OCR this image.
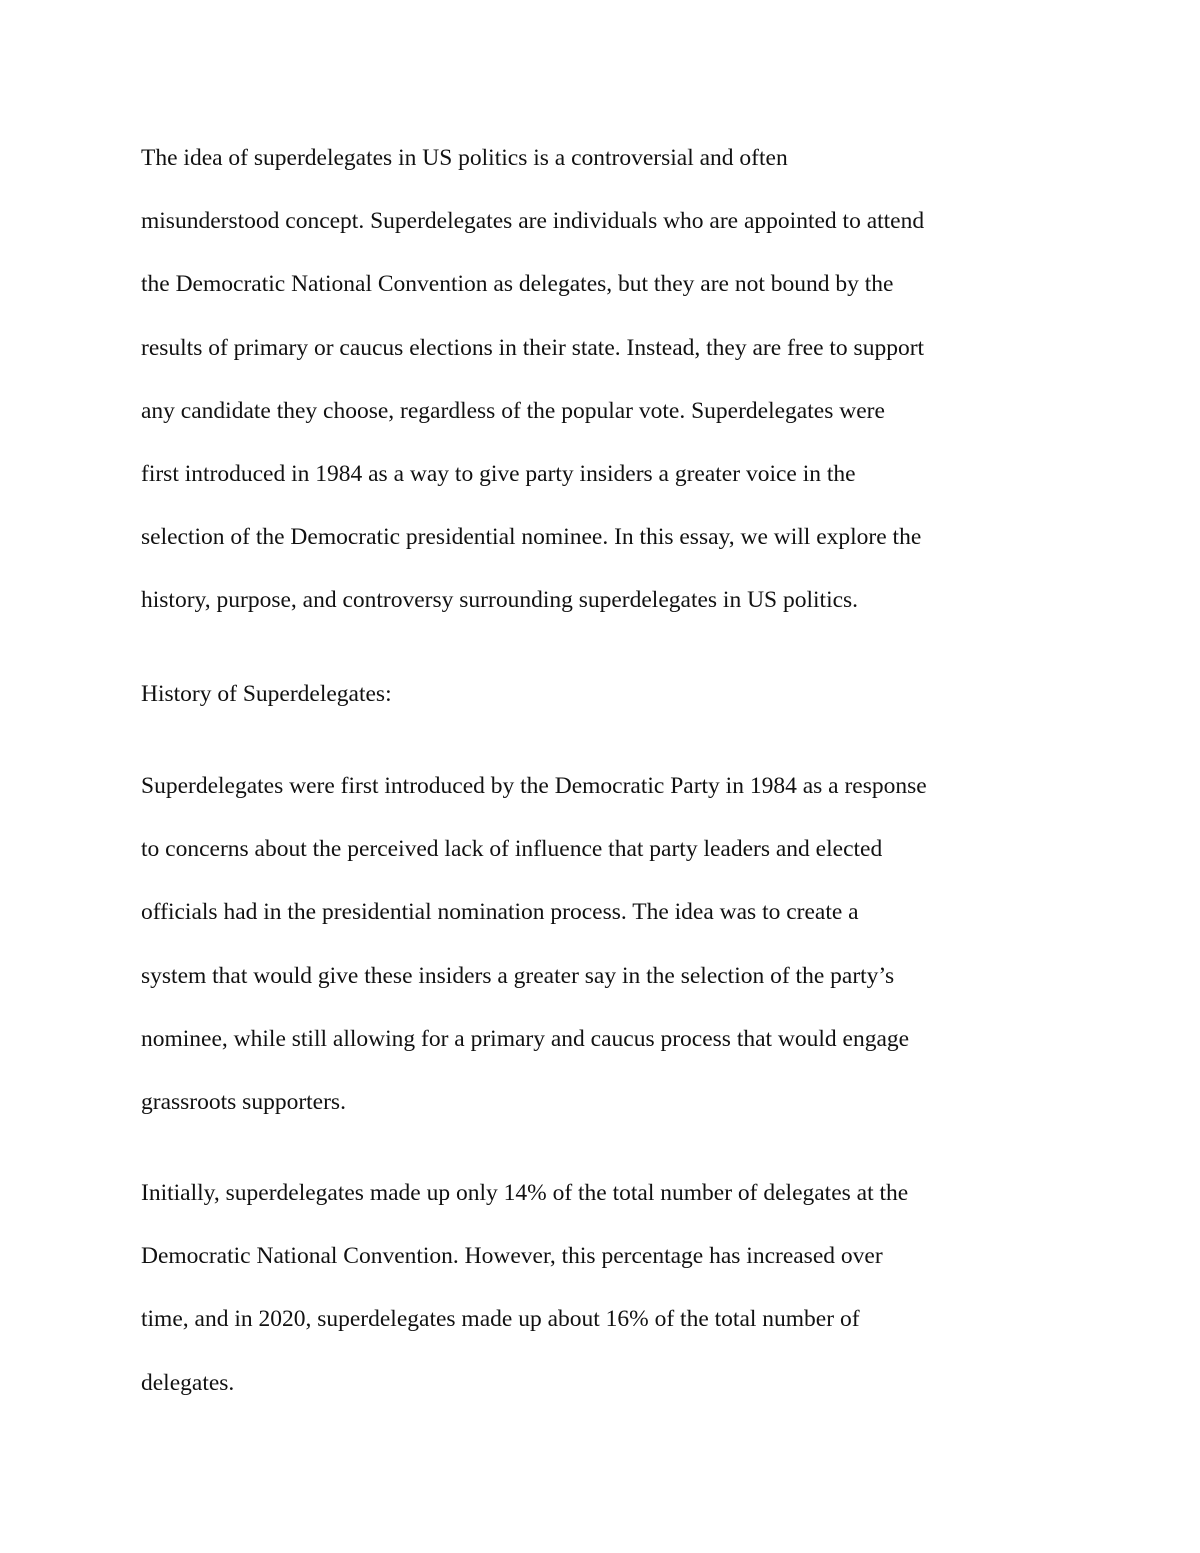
The idea of superdelegates in US politics is a controversial and often
misunderstood concept. Superdelegates are individuals who are appointed to attend
the Democratic National Convention as delegates, but they are not bound by the
results of primary or caucus elections in their state. Instead, they are free to support
any candidate they choose, regardless of the popular vote. Superdelegates were
first introduced in 1984 as a way to give party insiders a greater voice in the
selection of the Democratic presidential nominee. In this essay, we will explore the
history, purpose, and controversy surrounding superdelegates in US politics.
History of Superdelegates:
Superdelegates were first introduced by the Democratic Party in 1984 as a response
to concerns about the perceived lack of influence that party leaders and elected
officials had in the presidential nomination process. The idea was to create a
system that would give these insiders a greater say in the selection of the party’s
nominee, while still allowing for a primary and caucus process that would engage
grassroots supporters.
Initially, superdelegates made up only 14% of the total number of delegates at the
Democratic National Convention. However, this percentage has increased over
time, and in 2020, superdelegates made up about 16% of the total number of
delegates.
